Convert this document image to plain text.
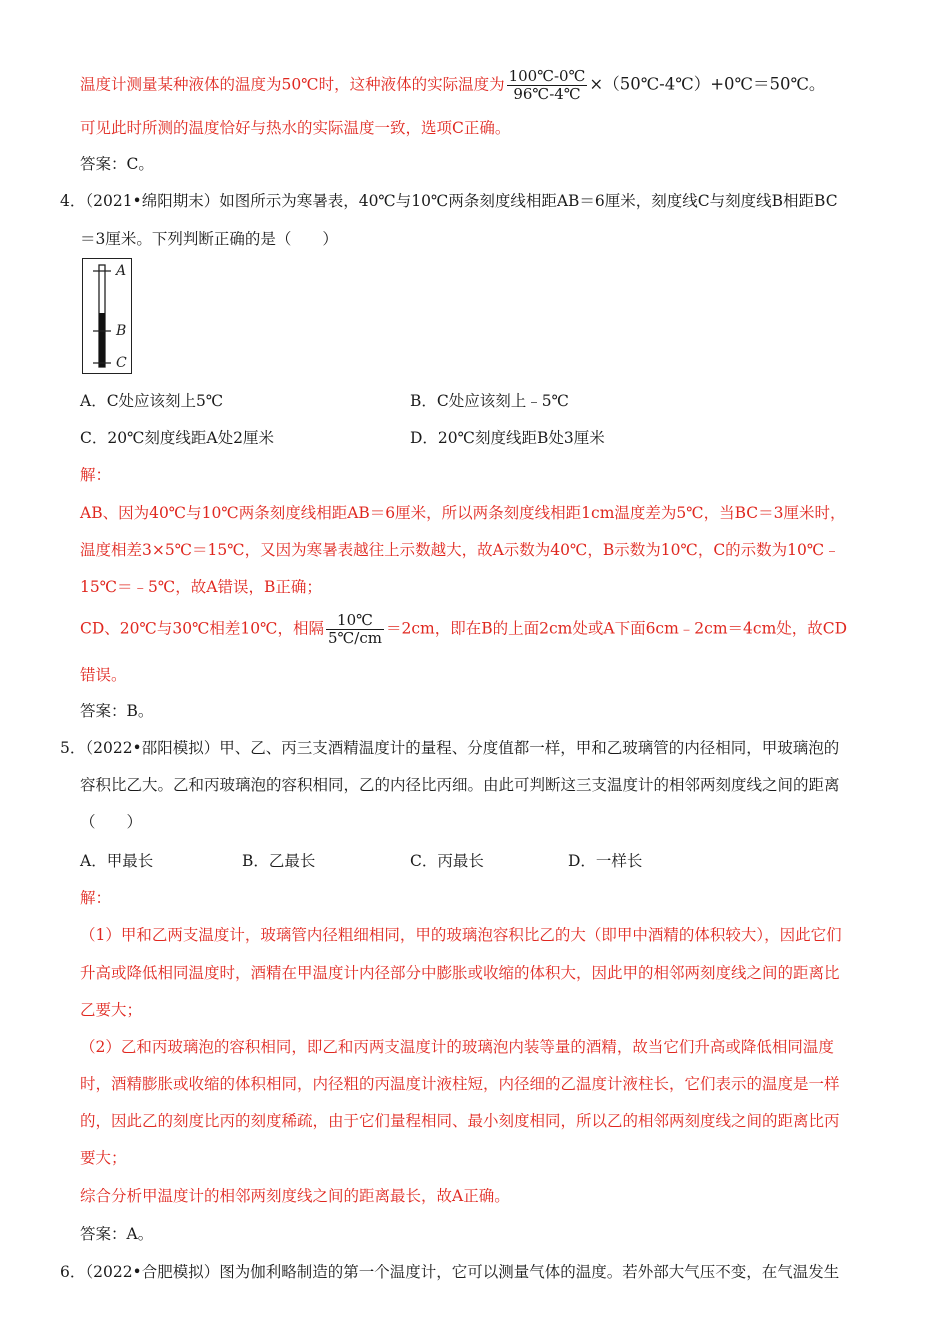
温度计测量某种液体的温度为50℃时，这种液体的实际温度为 $\frac{100℃-0℃}{96℃-4℃}$ ×（50℃-4℃）+0℃＝50℃。
可见此时所测的温度恰好与热水的实际温度一致，选项C正确。
答案：C。
4．（2021•绵阳期末）如图所示为寒暑表，40℃与10℃两条刻度线相距AB＝6厘米，刻度线C与刻度线B相距BC
＝3厘米。下列判断正确的是（　　）
A
B
C
A．C处应该刻上5℃	B．C处应该刻上﹣5℃
C．20℃刻度线距A处2厘米	D．20℃刻度线距B处3厘米
解：
AB、因为40℃与10℃两条刻度线相距AB＝6厘米，所以两条刻度线相距1cm温度差为5℃，当BC＝3厘米时，
温度相差3×5℃＝15℃，又因为寒暑表越往上示数越大，故A示数为40℃，B示数为10℃，C的示数为10℃﹣
15℃＝﹣5℃，故A错误，B正确；
CD、20℃与30℃相差10℃，相隔 $\frac{10℃}{5℃/cm} =2cm$，即在B的上面2cm处或A下面6cm﹣2cm＝4cm处，故CD
错误。
答案：B。
5．（2022•邵阳模拟）甲、乙、丙三支酒精温度计的量程、分度值都一样，甲和乙玻璃管的内径相同，甲玻璃泡的
容积比乙大。乙和丙玻璃泡的容积相同，乙的内径比丙细。由此可判断这三支温度计的相邻两刻度线之间的距离
（　　）
A．甲最长	B．乙最长	C．丙最长	D．一样长
解：
（1）甲和乙两支温度计，玻璃管内径粗细相同，甲的玻璃泡容积比乙的大（即甲中酒精的体积较大），因此它们
升高或降低相同温度时，酒精在甲温度计内径部分中膨胀或收缩的体积大，因此甲的相邻两刻度线之间的距离比
乙要大；
（2）乙和丙玻璃泡的容积相同，即乙和丙两支温度计的玻璃泡内装等量的酒精，故当它们升高或降低相同温度
时，酒精膨胀或收缩的体积相同，内径粗的丙温度计液柱短，内径细的乙温度计液柱长，它们表示的温度是一样
的，因此乙的刻度比丙的刻度稀疏，由于它们量程相同、最小刻度相同，所以乙的相邻两刻度线之间的距离比丙
要大；
综合分析甲温度计的相邻两刻度线之间的距离最长，故A正确。
答案：A。
6．（2022•合肥模拟）图为伽利略制造的第一个温度计，它可以测量气体的温度。若外部大气压不变，在气温发生
